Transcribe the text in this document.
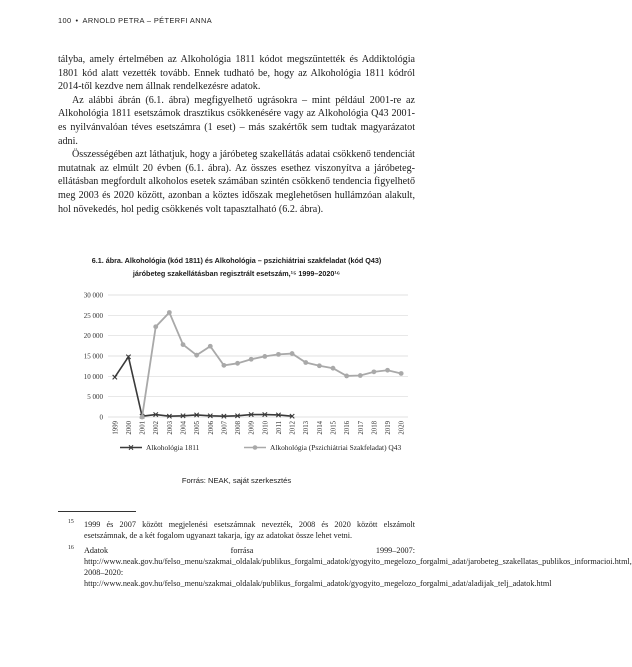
100 • ARNOLD PETRA – PÉTERFI ANNA

tályba, amely értelmében az Alkohológia 1811 kódot megszüntették és Addiktológia 1801 kód alatt vezették tovább. Ennek tudható be, hogy az Alkohológia 1811 kódról 2014-től kezdve nem állnak rendelkezésre adatok.

Az alábbi ábrán (6.1. ábra) megfigyelhető ugrásokra – mint például 2001-re az Alkohológia 1811 esetszámok drasztikus csökkenésére vagy az Alkohológia Q43 2001-es nyilvánvalóan téves esetszámra (1 eset) – más szakértők sem tudtak magyarázatot adni.

Összességében azt láthatjuk, hogy a járóbeteg szakellátás adatai csökkenő tendenciát mutatnak az elmúlt 20 évben (6.1. ábra). Az összes esethez viszonyítva a járóbeteg-ellátásban megfordult alkoholos esetek számában szintén csökkenő tendencia figyelhető meg 2003 és 2020 között, azonban a köztes időszak meglehetősen hullámzóan alakult, hol növekedés, hol pedig csökkenés volt tapasztalható (6.2. ábra).

6.1. ábra. Alkohológia (kód 1811) és Alkohológia – pszichiátriai szakfeladat (kód Q43)
járóbeteg szakellátásban regisztrált esetszám,¹⁵ 1999–2020¹⁶
0
5 000
10 000
15 000
20 000
25 000
30 000
1999 2000 2001 2002 2003 2004 2005 2006 2007 2008 2009 2010 2011 2012 2013 2014 2015 2016 2017 2018 2019 2020
Alkohológia 1811	Alkohológia (Pszichiátriai Szakfeladat) Q43
Forrás: NEAK, saját szerkesztés
15 1999 és 2007 között megjelenési esetszámnak nevezték, 2008 és 2020 között elszámolt esetszámnak, de a két fogalom ugyanazt takarja, így az adatokat össze lehet vetni.
16 Adatok forrása 1999–2007: http://www.neak.gov.hu/felso_menu/szakmai_oldalak/publikus_forgalmi_adatok/gyogyito_megelozo_forgalmi_adat/jarobeteg_szakellatas_publikos_informacioi.html, 2008–2020: http://www.neak.gov.hu/felso_menu/szakmai_oldalak/publikus_forgalmi_adatok/gyogyito_megelozo_forgalmi_adat/aladijak_telj_adatok.html
